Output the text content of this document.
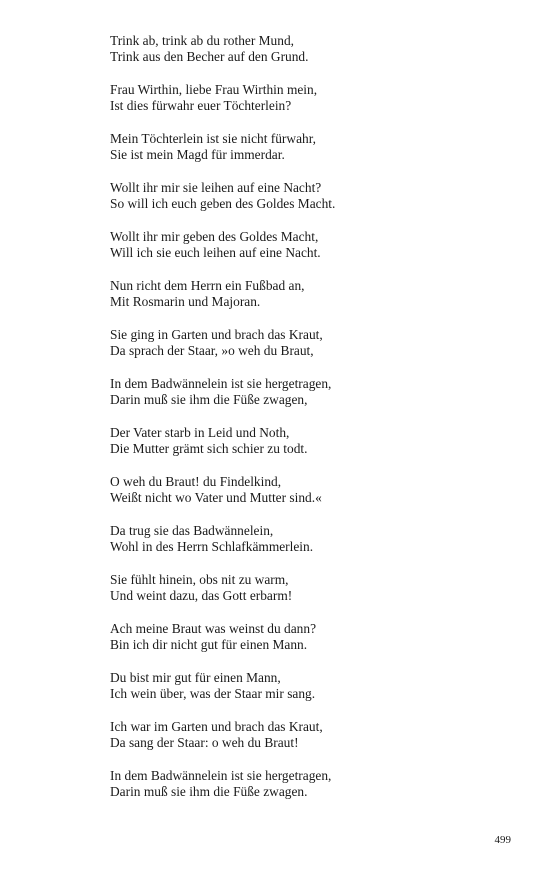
Trink ab, trink ab du rother Mund,
Trink aus den Becher auf den Grund.
Frau Wirthin, liebe Frau Wirthin mein,
Ist dies fürwahr euer Töchterlein?
Mein Töchterlein ist sie nicht fürwahr,
Sie ist mein Magd für immerdar.
Wollt ihr mir sie leihen auf eine Nacht?
So will ich euch geben des Goldes Macht.
Wollt ihr mir geben des Goldes Macht,
Will ich sie euch leihen auf eine Nacht.
Nun richt dem Herrn ein Fußbad an,
Mit Rosmarin und Majoran.
Sie ging in Garten und brach das Kraut,
Da sprach der Staar, »o weh du Braut,
In dem Badwännelein ist sie hergetragen,
Darin muß sie ihm die Füße zwagen,
Der Vater starb in Leid und Noth,
Die Mutter grämt sich schier zu todt.
O weh du Braut! du Findelkind,
Weißt nicht wo Vater und Mutter sind.«
Da trug sie das Badwännelein,
Wohl in des Herrn Schlafkämmerlein.
Sie fühlt hinein, obs nit zu warm,
Und weint dazu, das Gott erbarm!
Ach meine Braut was weinst du dann?
Bin ich dir nicht gut für einen Mann.
Du bist mir gut für einen Mann,
Ich wein über, was der Staar mir sang.
Ich war im Garten und brach das Kraut,
Da sang der Staar: o weh du Braut!
In dem Badwännelein ist sie hergetragen,
Darin muß sie ihm die Füße zwagen.
499
